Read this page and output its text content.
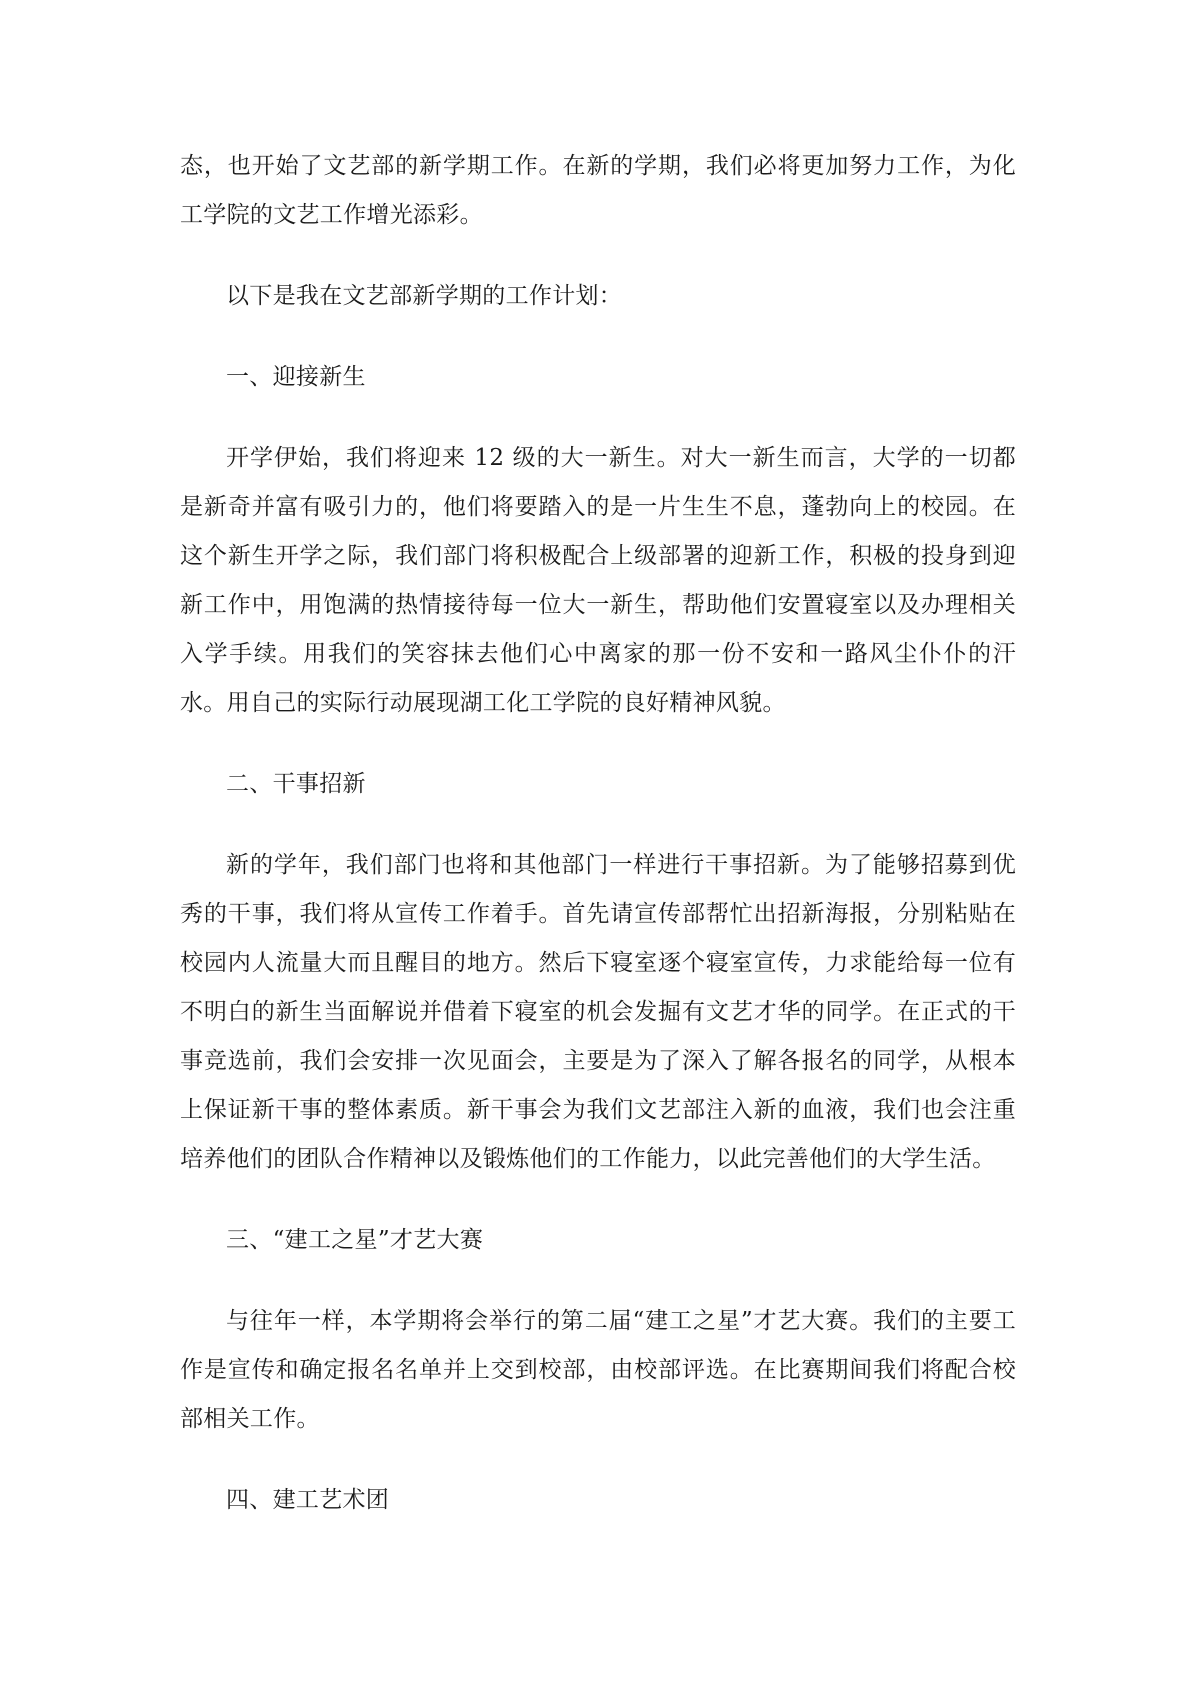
态，也开始了文艺部的新学期工作。在新的学期，我们必将更加努力工作，为化工学院的文艺工作增光添彩。

以下是我在文艺部新学期的工作计划：

一、迎接新生

开学伊始，我们将迎来 12 级的大一新生。对大一新生而言，大学的一切都是新奇并富有吸引力的，他们将要踏入的是一片生生不息，蓬勃向上的校园。在这个新生开学之际，我们部门将积极配合上级部署的迎新工作，积极的投身到迎新工作中，用饱满的热情接待每一位大一新生，帮助他们安置寝室以及办理相关入学手续。用我们的笑容抹去他们心中离家的那一份不安和一路风尘仆仆的汗水。用自己的实际行动展现湖工化工学院的良好精神风貌。

二、干事招新

新的学年，我们部门也将和其他部门一样进行干事招新。为了能够招募到优秀的干事，我们将从宣传工作着手。首先请宣传部帮忙出招新海报，分别粘贴在校园内人流量大而且醒目的地方。然后下寝室逐个寝室宣传，力求能给每一位有不明白的新生当面解说并借着下寝室的机会发掘有文艺才华的同学。在正式的干事竞选前，我们会安排一次见面会，主要是为了深入了解各报名的同学，从根本上保证新干事的整体素质。新干事会为我们文艺部注入新的血液，我们也会注重培养他们的团队合作精神以及锻炼他们的工作能力，以此完善他们的大学生活。

三、“建工之星”才艺大赛

与往年一样，本学期将会举行的第二届“建工之星”才艺大赛。我们的主要工作是宣传和确定报名名单并上交到校部，由校部评选。在比赛期间我们将配合校部相关工作。

四、建工艺术团
